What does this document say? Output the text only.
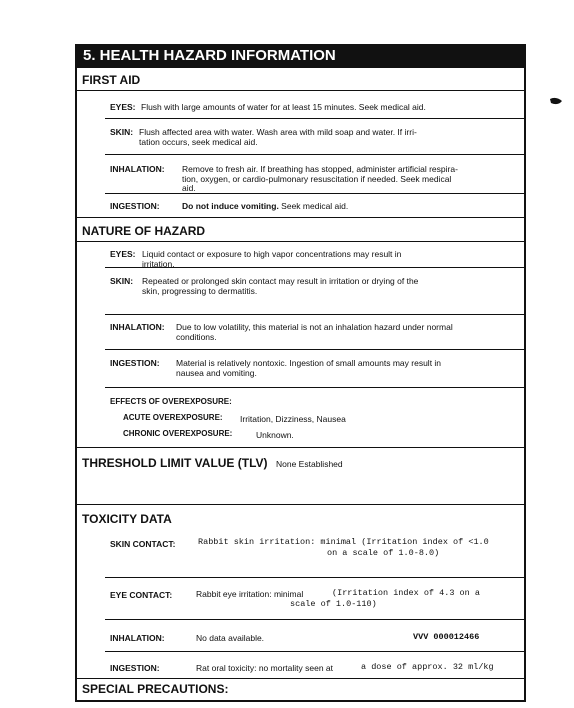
5. HEALTH HAZARD INFORMATION
FIRST AID
EYES: Flush with large amounts of water for at least 15 minutes. Seek medical aid.
SKIN: Flush affected area with water. Wash area with mild soap and water. If irri-
tation occurs, seek medical aid.
INHALATION: Remove to fresh air. If breathing has stopped, administer artificial respira-
tion, oxygen, or cardio-pulmonary resuscitation if needed. Seek medical
aid.
INGESTION:	Do not induce vomiting. Seek medical aid.
NATURE OF HAZARD
EYES: Liquid contact or exposure to high vapor concentrations may result in
irritation.
SKIN: Repeated or prolonged skin contact may result in irritation or drying of the
skin, progressing to dermatitis.
INHALATION: Due to low volatility, this material is not an inhalation hazard under normal
conditions.
INGESTION: Material is relatively nontoxic. Ingestion of small amounts may result in
nausea and vomiting.
EFFECTS OF OVEREXPOSURE:
ACUTE OVEREXPOSURE: Irritation, Dizziness, Nausea
CHRONIC OVEREXPOSURE:	Unknown.
THRESHOLD LIMIT VALUE (TLV) None Established
TOXICITY DATA
SKIN CONTACT:	Rabbit skin irritation: minimal (Irritation index of <1.0
on a scale of 1.0-8.0)
EYE CONTACT:	Rabbit eye irritation: minimal	(Irritation index of 4.3 on a
scale of 1.0-110)
INHALATION:	No data available.	VVV 000012466
INGESTION:	Rat oral toxicity: no mortality seen at	a dose of approx. 32 ml/kg
SPECIAL PRECAUTIONS:
